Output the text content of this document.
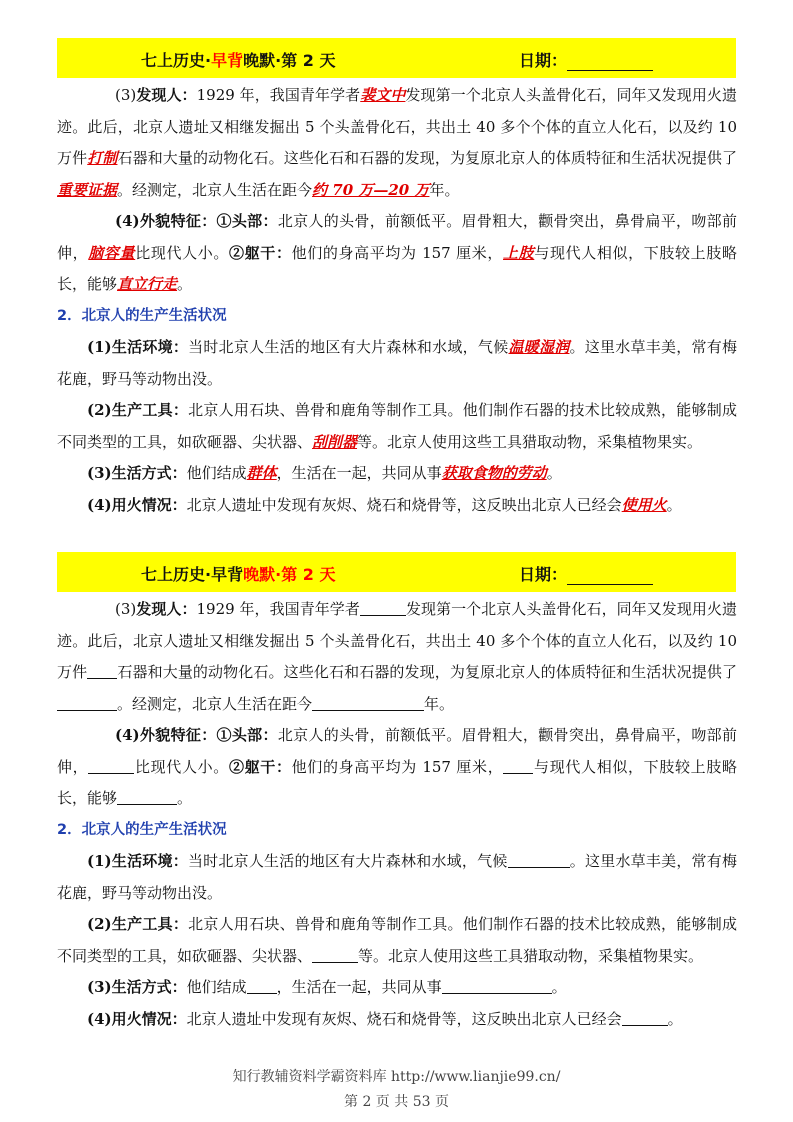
七上历史·早背晚默·第 2 天	日期：

(3)发现人：1929 年，我国青年学者裴文中发现第一个北京人头盖骨化石，同年又发现用火遗迹。此后，北京人遗址又相继发掘出 5 个头盖骨化石，共出土 40 多个个体的直立人化石，以及约 10 万件打制石器和大量的动物化石。这些化石和石器的发现，为复原北京人的体质特征和生活状况提供了重要证据。经测定，北京人生活在距今约 70 万—20 万年。

(4)外貌特征：①头部：北京人的头骨，前额低平。眉骨粗大，颧骨突出，鼻骨扁平，吻部前伸，脑容量比现代人小。②躯干：他们的身高平均为 157 厘米，上肢与现代人相似，下肢较上肢略长，能够直立行走。

2．北京人的生产生活状况

(1)生活环境：当时北京人生活的地区有大片森林和水域，气候温暖湿润。这里水草丰美，常有梅花鹿，野马等动物出没。

(2)生产工具：北京人用石块、兽骨和鹿角等制作工具。他们制作石器的技术比较成熟，能够制成不同类型的工具，如砍砸器、尖状器、刮削器等。北京人使用这些工具猎取动物，采集植物果实。

(3)生活方式：他们结成群体，生活在一起，共同从事获取食物的劳动。

(4)用火情况：北京人遗址中发现有灰烬、烧石和烧骨等，这反映出北京人已经会使用火。

七上历史·早背晚默·第 2 天	日期：

(3)发现人：1929 年，我国青年学者	发现第一个北京人头盖骨化石，同年又发现用火遗迹。此后，北京人遗址又相继发掘出 5 个头盖骨化石，共出土 40 多个个体的直立人化石，以及约 10 万件 石器和大量的动物化石。这些化石和石器的发现，为复原北京人的体质特征和生活状况提供了。经测定，北京人生活在距今	年。

(4)外貌特征：①头部：北京人的头骨，前额低平。眉骨粗大，颧骨突出，鼻骨扁平，吻部前伸，	比现代人小。②躯干：他们的身高平均为 157 厘米， 与现代人相似，下肢较上肢略长，能够	。

2．北京人的生产生活状况

(1)生活环境：当时北京人生活的地区有大片森林和水域，气候	。这里水草丰美，常有梅花鹿，野马等动物出没。

(2)生产工具：北京人用石块、兽骨和鹿角等制作工具。他们制作石器的技术比较成熟，能够制成不同类型的工具，如砍砸器、尖状器、	等。北京人使用这些工具猎取动物，采集植物果实。

(3)生活方式：他们结成 ，生活在一起，共同从事	。

(4)用火情况：北京人遗址中发现有灰烬、烧石和烧骨等，这反映出北京人已经会	。

知行教辅资料学霸资料库 http://www.lianjie99.cn/
第 2 页 共 53 页
